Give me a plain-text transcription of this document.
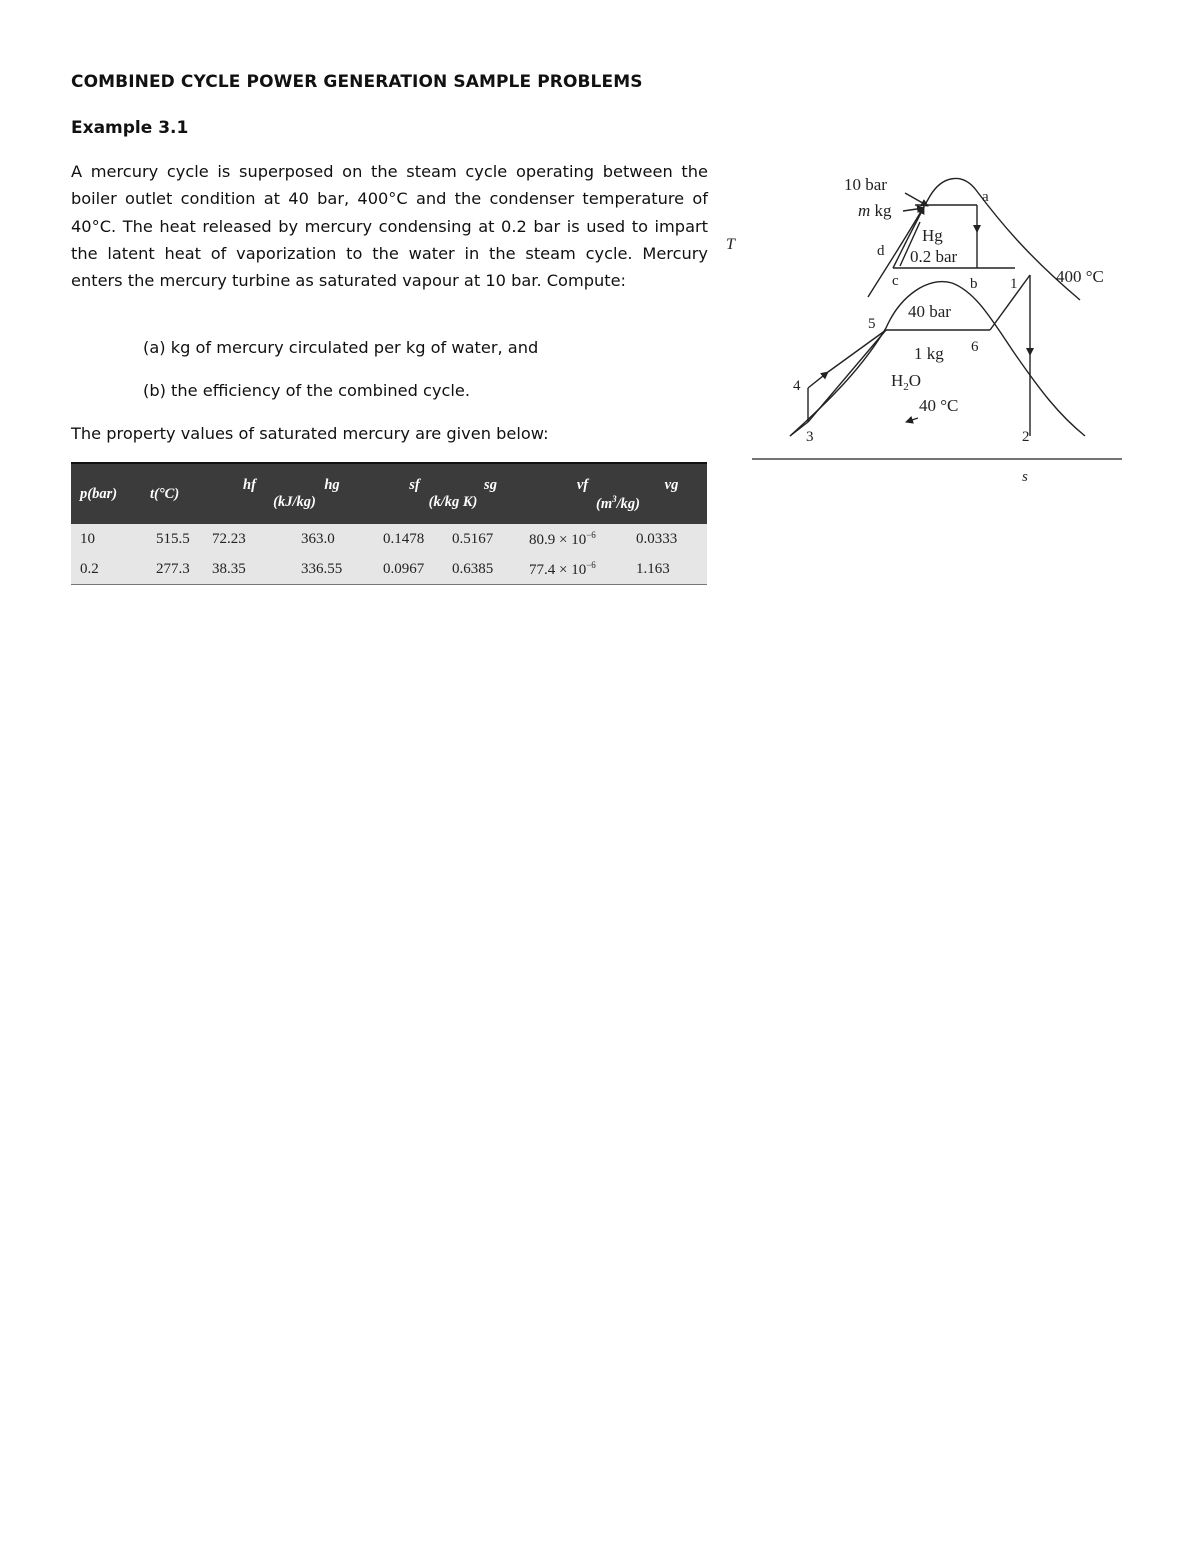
COMBINED CYCLE POWER GENERATION SAMPLE PROBLEMS
Example 3.1

A mercury cycle is superposed on the steam cycle operating between the boiler outlet condition at 40 bar, 400°C and the condenser temperature of 40°C. The heat released by mercury condensing at 0.2 bar is used to impart the latent heat of vaporization to the water in the steam cycle. Mercury enters the mercury turbine as saturated vapour at 10 bar. Compute:

(a) kg of mercury circulated per kg of water, and
(b) the efficiency of the combined cycle.
The property values of saturated mercury are given below:
p(bar)	t(°C)	hf	hg	sf	sg	vf	vg
		(kJ/kg)		(k/kg K)		$(m^3/kg)$	
10	515.5	72.23	363.0	0.1478	0.5167	$80.9 \times 10^{-6}$	0.0333
0.2	277.3	38.35	336.55	0.0967	0.6385	$77.4 \times 10^{-6}$	1.163
10 bar
m kg
Hg
0.2 bar
40 bar
1 kg
$H_2O$
40 °C
400 °C
T
s
a
b
c
d
1
2
3
4
5
6
